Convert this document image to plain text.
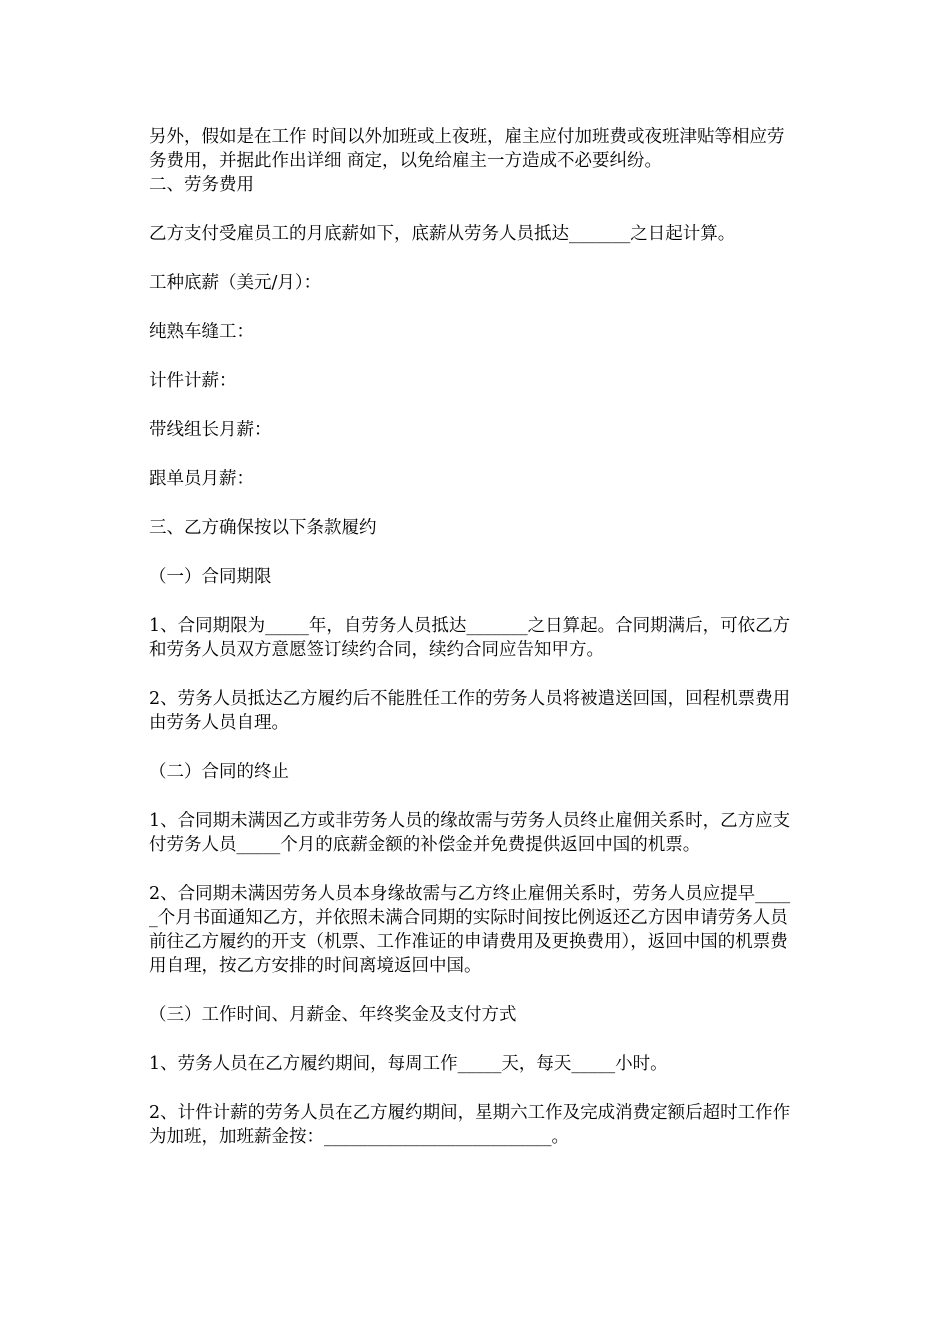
另外，假如是在工作 时间以外加班或上夜班，雇主应付加班费或夜班津贴等相应劳务费用，并据此作出详细 商定，以免给雇主一方造成不必要纠纷。

二、劳务费用

乙方支付受雇员工的月底薪如下，底薪从劳务人员抵达_______之日起计算。

工种底薪（美元/月）：

纯熟车缝工：

计件计薪：

带线组长月薪：

跟单员月薪：

三、乙方确保按以下条款履约

（一）合同期限

1、合同期限为_____年，自劳务人员抵达_______之日算起。合同期满后，可依乙方和劳务人员双方意愿签订续约合同，续约合同应告知甲方。

2、劳务人员抵达乙方履约后不能胜任工作的劳务人员将被遣送回国，回程机票费用由劳务人员自理。

（二）合同的终止

1、合同期未满因乙方或非劳务人员的缘故需与劳务人员终止雇佣关系时，乙方应支付劳务人员_____个月的底薪金额的补偿金并免费提供返回中国的机票。

2、合同期未满因劳务人员本身缘故需与乙方终止雇佣关系时，劳务人员应提早_____个月书面通知乙方，并依照未满合同期的实际时间按比例返还乙方因申请劳务人员前往乙方履约的开支（机票、工作准证的申请费用及更换费用），返回中国的机票费用自理，按乙方安排的时间离境返回中国。

（三）工作时间、月薪金、年终奖金及支付方式

1、劳务人员在乙方履约期间，每周工作_____天，每天_____小时。

2、计件计薪的劳务人员在乙方履约期间，星期六工作及完成消费定额后超时工作作为加班，加班薪金按：__________________________。
